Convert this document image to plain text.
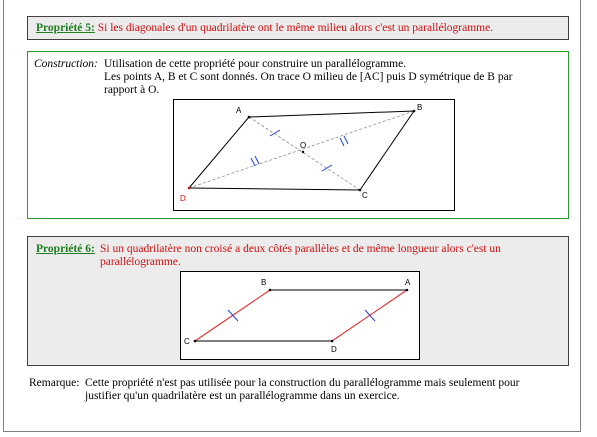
Propriété 5: Si les diagonales d'un quadrilatère ont le même milieu alors c'est un parallélogramme.
Construction: Utilisation de cette propriété pour construire un parallélogramme.
Les points A, B et C sont donnés. On trace O milieu de [AC] puis D symétrique de B par
rapport à O.
A	B
C
O
D
Propriété 6: Si un quadrilatère non croisé a deux côtés parallèles et de même longueur alors c'est un
parallélogramme.
B	A
C
D
Remarque: Cette propriété n'est pas utilisée pour la construction du parallélogramme mais seulement pour
justifier qu'un quadrilatère est un parallélogramme dans un exercice.
